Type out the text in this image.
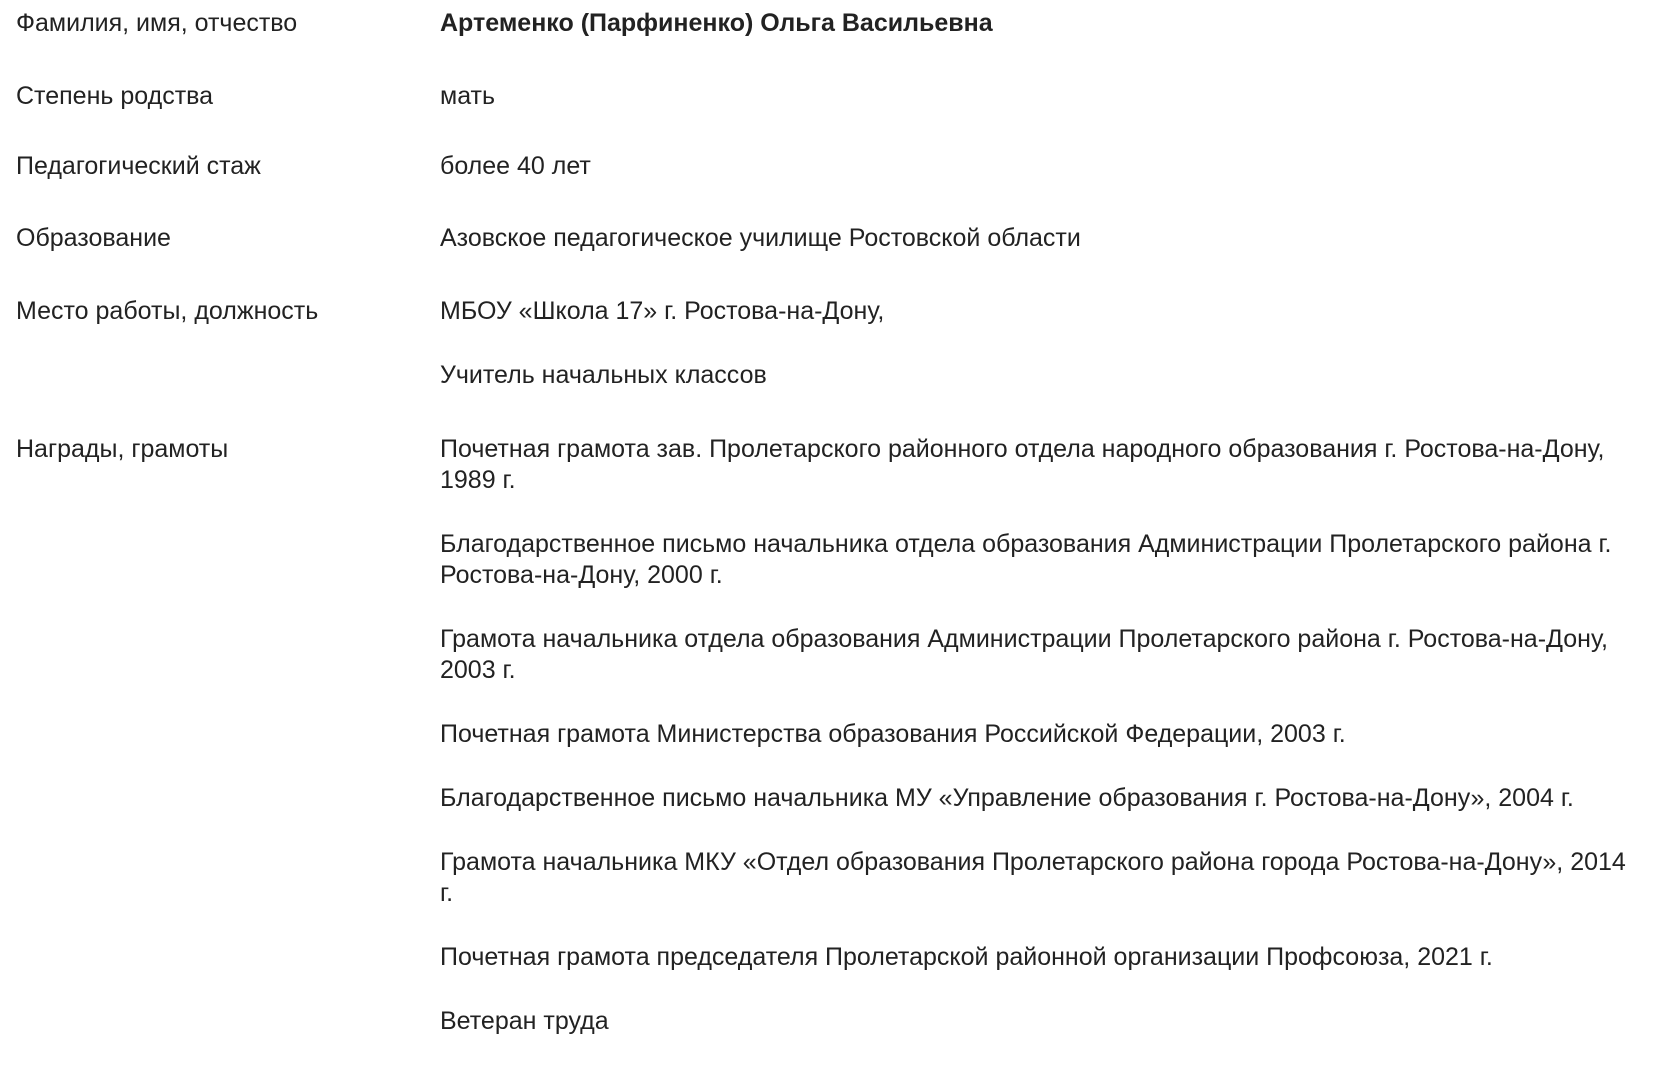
Фамилия, имя, отчество	Артеменко (Парфиненко) Ольга Васильевна
Степень родства	мать
Педагогический стаж	более 40 лет
Образование	Азовское педагогическое училище Ростовской области
Место работы, должность	МБОУ «Школа 17» г. Ростова-на-Дону,
Учитель начальных классов
Награды, грамоты	Почетная грамота зав. Пролетарского районного отдела народного образования г. Ростова-на-Дону, 1989 г.
Благодарственное письмо начальника отдела образования Администрации Пролетарского района г. Ростова-на-Дону, 2000 г.
Грамота начальника отдела образования Администрации Пролетарского района г. Ростова-на-Дону, 2003 г.
Почетная грамота Министерства образования Российской Федерации, 2003 г.
Благодарственное письмо начальника МУ «Управление образования г. Ростова-на-Дону», 2004 г.
Грамота начальника МКУ «Отдел образования Пролетарского района города Ростова-на-Дону», 2014 г.
Почетная грамота председателя Пролетарской районной организации Профсоюза, 2021 г.
Ветеран труда
